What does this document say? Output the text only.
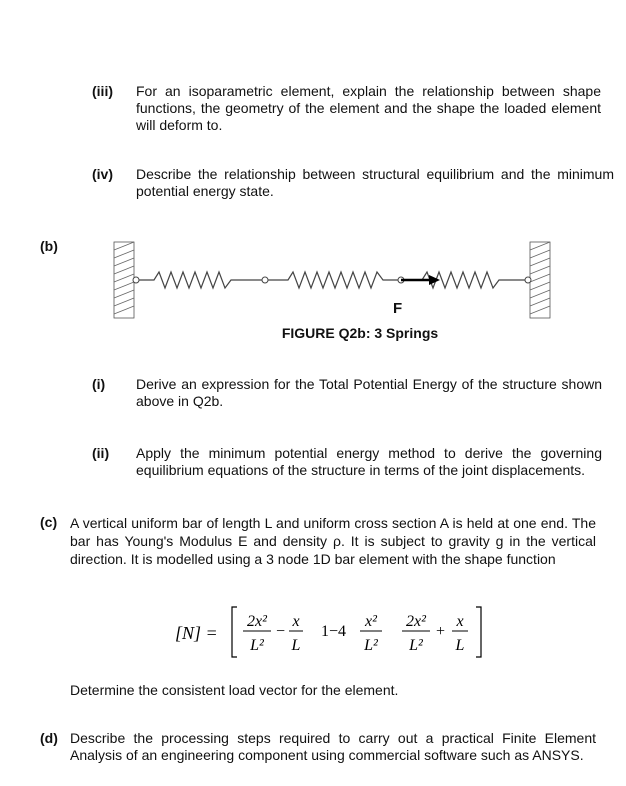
(iii) For an isoparametric element, explain the relationship between shape functions, the geometry of the element and the shape the loaded element will deform to.
(iv) Describe the relationship between structural equilibrium and the minimum potential energy state.
(b)
F
FIGURE Q2b: 3 Springs
(i) Derive an expression for the Total Potential Energy of the structure shown above in Q2b.
(ii) Apply the minimum potential energy method to derive the governing equilibrium equations of the structure in terms of the joint displacements.
(c) A vertical uniform bar of length L and uniform cross section A is held at one end. The bar has Young's Modulus E and density ρ. It is subject to gravity g in the vertical direction. It is modelled using a 3 node 1D bar element with the shape function
[N] =
2x²
L²
−
x
L
1−4
x²
L²
2x²
L²
+
x
L
Determine the consistent load vector for the element.
(d) Describe the processing steps required to carry out a practical Finite Element Analysis of an engineering component using commercial software such as ANSYS.
